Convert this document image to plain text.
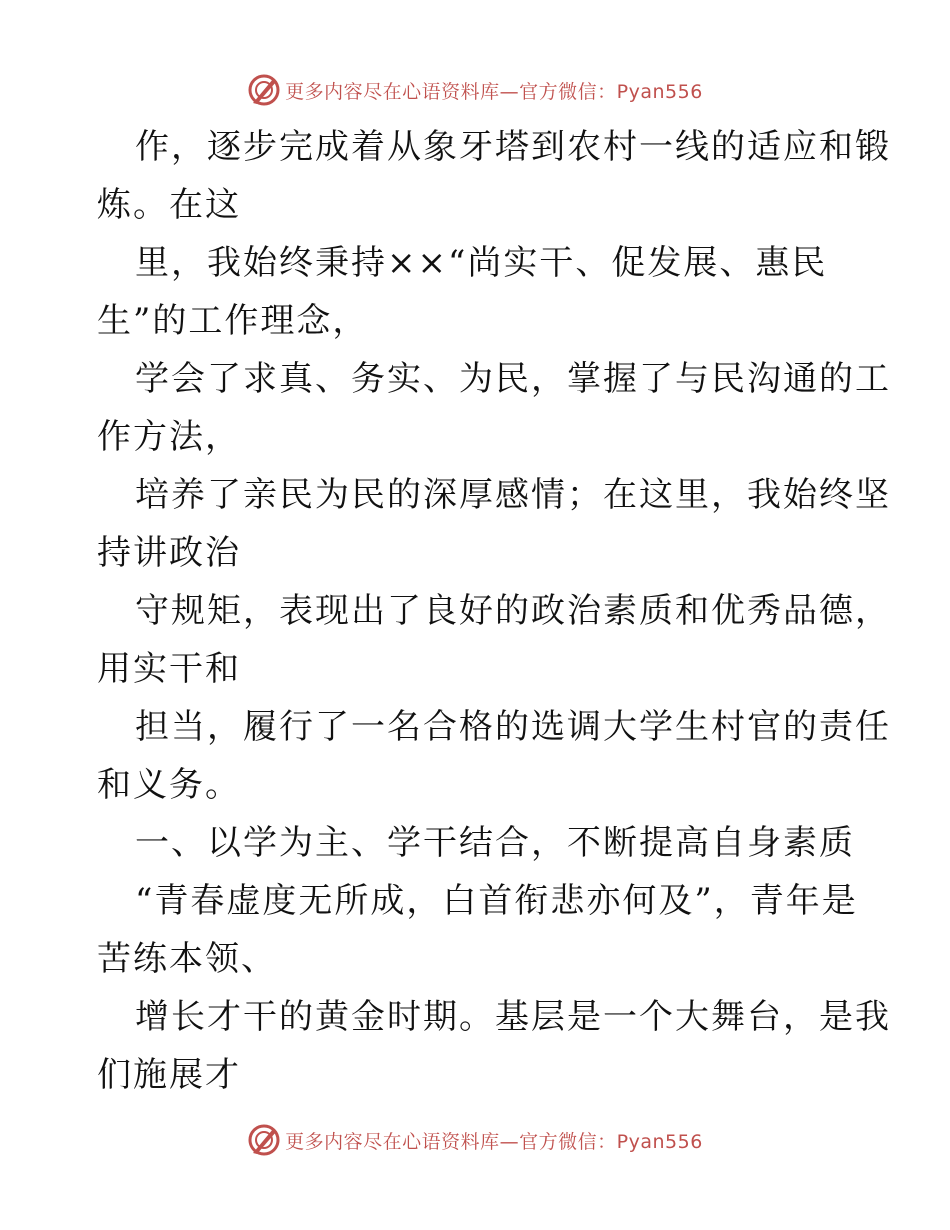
更多内容尽在心语资料库—官方微信：Pyan556
作，逐步完成着从象牙塔到农村一线的适应和锻
炼。在这
里，我始终秉持××“尚实干、促发展、惠民
生”的工作理念，
学会了求真、务实、为民，掌握了与民沟通的工
作方法，
培养了亲民为民的深厚感情；在这里，我始终坚
持讲政治
守规矩，表现出了良好的政治素质和优秀品德，
用实干和
担当，履行了一名合格的选调大学生村官的责任
和义务。
一、以学为主、学干结合，不断提高自身素质
“青春虚度无所成，白首衔悲亦何及”，青年是
苦练本领、
增长才干的黄金时期。基层是一个大舞台，是我
们施展才
更多内容尽在心语资料库—官方微信：Pyan556
